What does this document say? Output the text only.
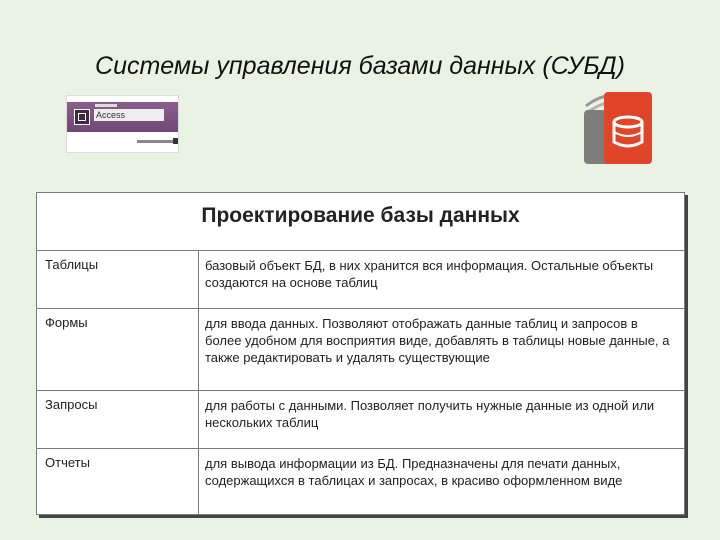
Системы управления базами данных (СУБД)
Access
Проектирование базы данных
Таблицы	базовый объект БД, в них хранится вся информация. Остальные объекты создаются на основе таблиц
Формы	для ввода данных. Позволяют отображать данные таблиц и запросов в более удобном для восприятия виде, добавлять в таблицы новые данные, а также редактировать и удалять существующие
Запросы	для работы с данными. Позволяет получить нужные данные из одной или нескольких таблиц
Отчеты	для вывода информации из БД. Предназначены для печати данных, содержащихся в таблицах и запросах, в красиво оформленном виде
